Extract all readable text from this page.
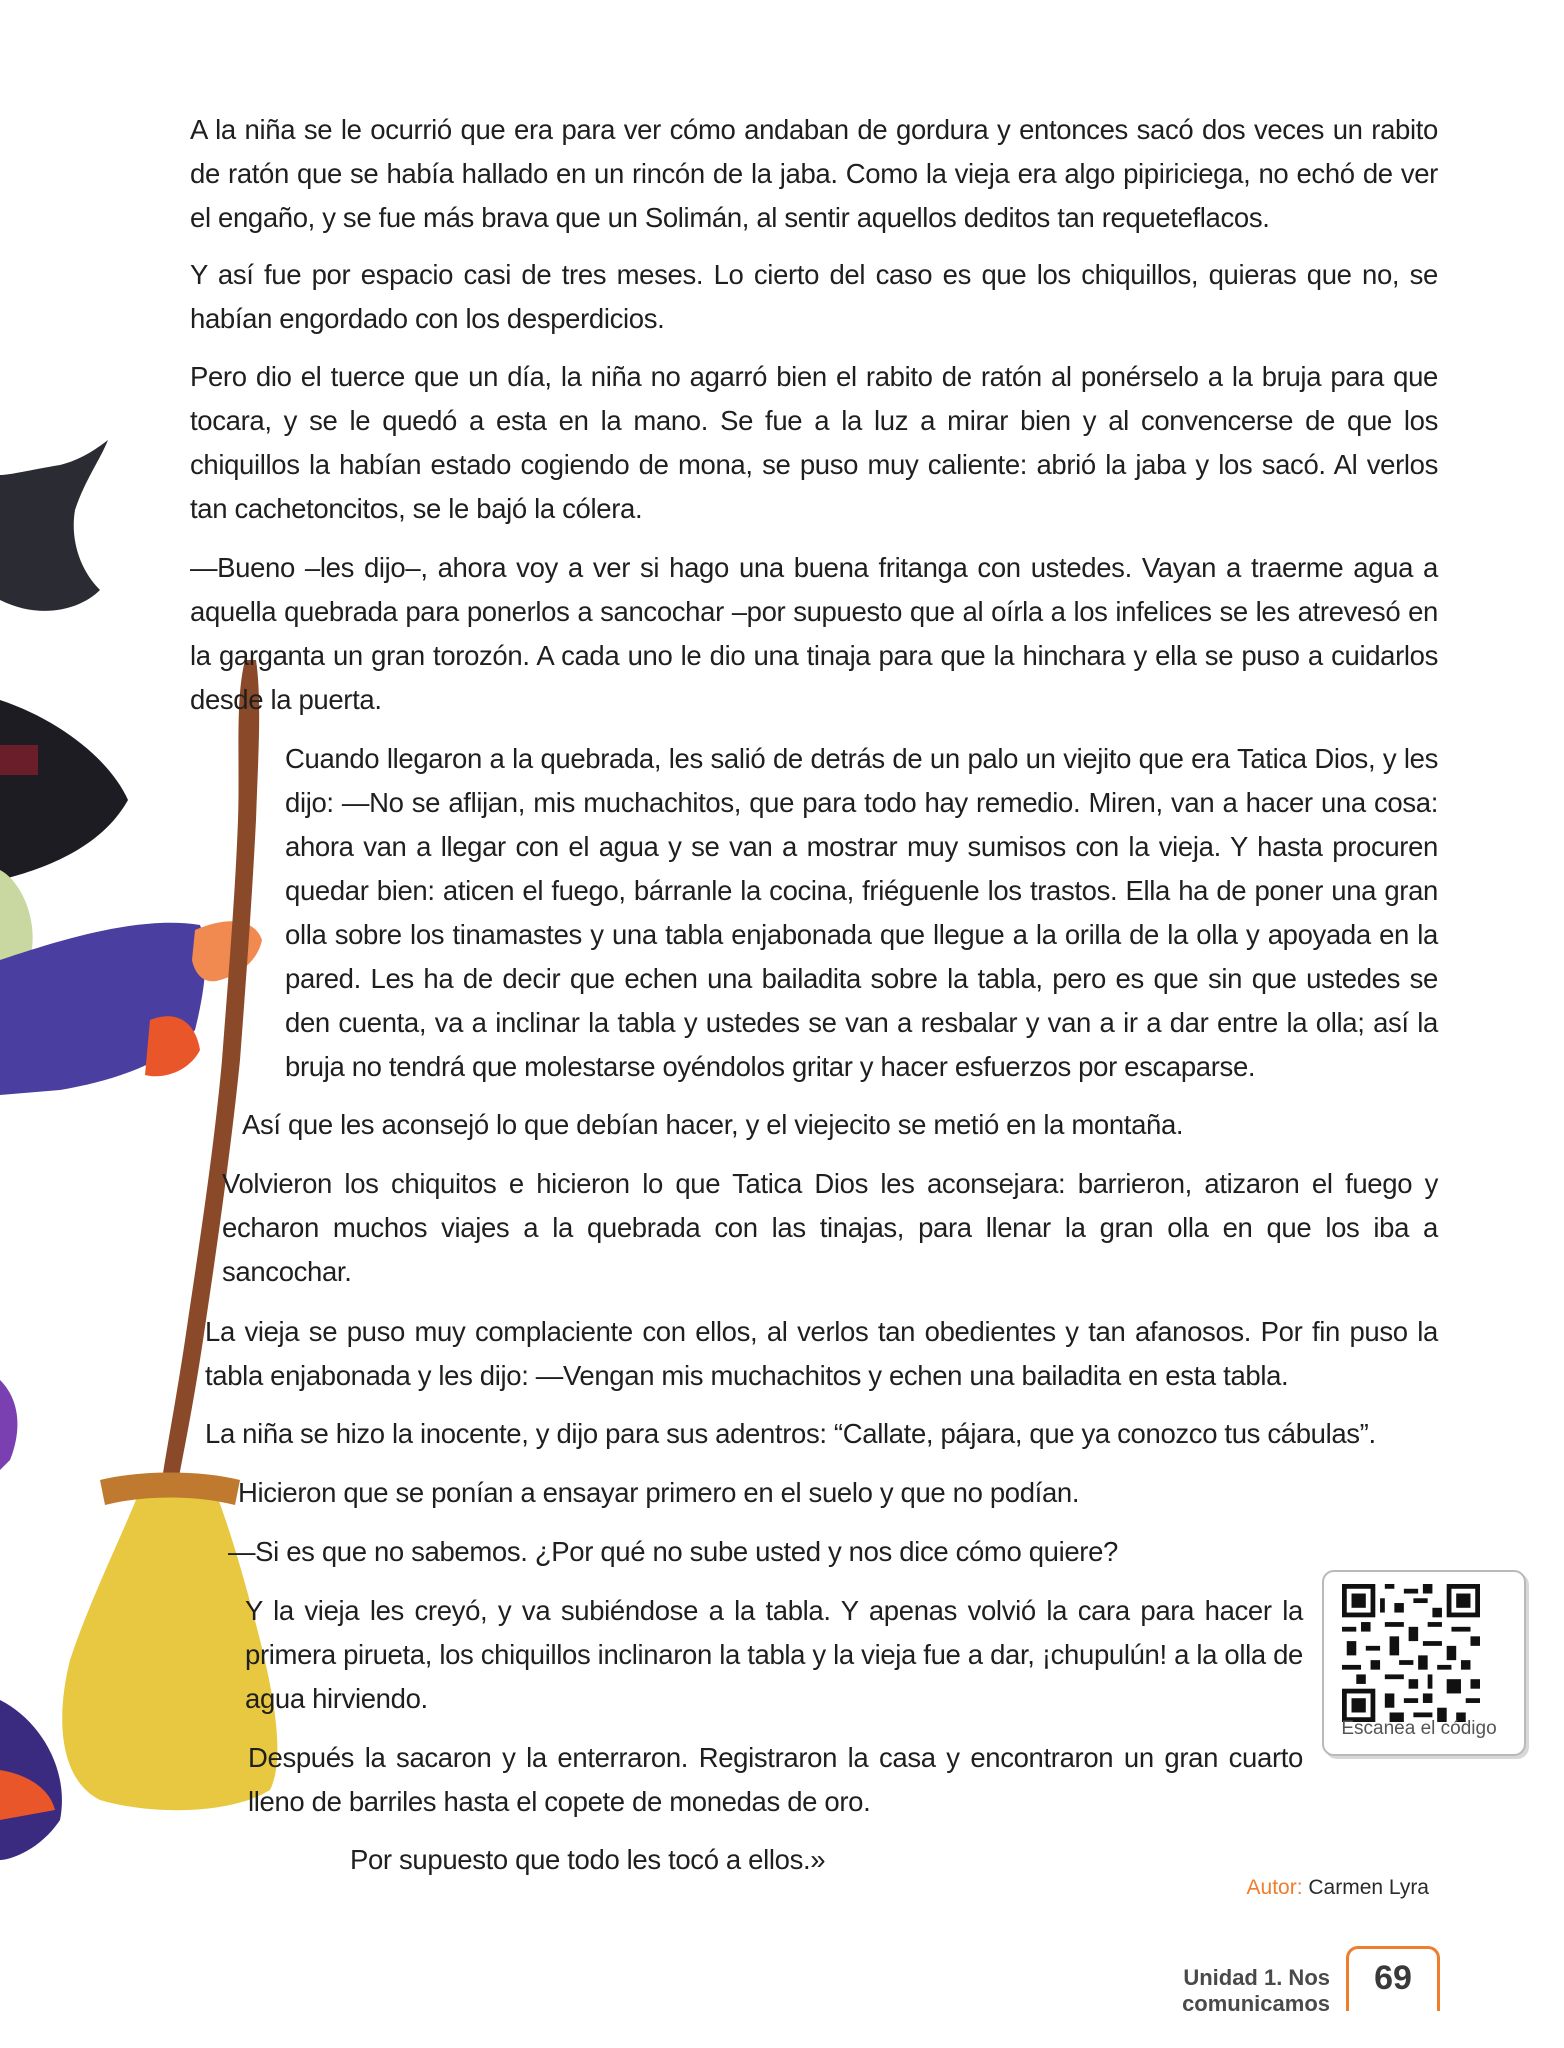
A la niña se le ocurrió que era para ver cómo andaban de gordura y entonces sacó dos veces un rabito de ratón que se había hallado en un rincón de la jaba. Como la vieja era algo pipiriciega, no echó de ver el engaño, y se fue más brava que un Solimán, al sentir aquellos deditos tan requeteflacos.

Y así fue por espacio casi de tres meses. Lo cierto del caso es que los chiquillos, quieras que no, se habían engordado con los desperdicios.

Pero dio el tuerce que un día, la niña no agarró bien el rabito de ratón al ponérselo a la bruja para que tocara, y se le quedó a esta en la mano. Se fue a la luz a mirar bien y al convencerse de que los chiquillos la habían estado cogiendo de mona, se puso muy caliente: abrió la jaba y los sacó. Al verlos tan cachetoncitos, se le bajó la cólera.

—Bueno –les dijo–, ahora voy a ver si hago una buena fritanga con ustedes. Vayan a traerme agua a aquella quebrada para ponerlos a sancochar –por supuesto que al oírla a los infelices se les atrevesó en la garganta un gran torozón. A cada uno le dio una tinaja para que la hinchara y ella se puso a cuidarlos desde la puerta.

Cuando llegaron a la quebrada, les salió de detrás de un palo un viejito que era Tatica Dios, y les dijo: —No se aflijan, mis muchachitos, que para todo hay remedio. Miren, van a hacer una cosa: ahora van a llegar con el agua y se van a mostrar muy sumisos con la vieja. Y hasta procuren quedar bien: aticen el fuego, bárranle la cocina, friéguenle los trastos. Ella ha de poner una gran olla sobre los tinamastes y una tabla enjabonada que llegue a la orilla de la olla y apoyada en la pared. Les ha de decir que echen una bailadita sobre la tabla, pero es que sin que ustedes se den cuenta, va a inclinar la tabla y ustedes se van a resbalar y van a ir a dar entre la olla; así la bruja no tendrá que molestarse oyéndolos gritar y hacer esfuerzos por escaparse.

Así que les aconsejó lo que debían hacer, y el viejecito se metió en la montaña.

Volvieron los chiquitos e hicieron lo que Tatica Dios les aconsejara: barrieron, atizaron el fuego y echaron muchos viajes a la quebrada con las tinajas, para llenar la gran olla en que los iba a sancochar.

La vieja se puso muy complaciente con ellos, al verlos tan obedientes y tan afanosos. Por fin puso la tabla enjabonada y les dijo: —Vengan mis muchachitos y echen una bailadita en esta tabla.

La niña se hizo la inocente, y dijo para sus adentros: “Callate, pájara, que ya conozco tus cábulas”.

Hicieron que se ponían a ensayar primero en el suelo y que no podían.

—Si es que no sabemos. ¿Por qué no sube usted y nos dice cómo quiere?

Y la vieja les creyó, y va subiéndose a la tabla. Y apenas volvió la cara para hacer la primera pirueta, los chiquillos inclinaron la tabla y la vieja fue a dar, ¡chupulún! a la olla de agua hirviendo.

Después la sacaron y la enterraron. Registraron la casa y encontraron un gran cuarto lleno de barriles hasta el copete de monedas de oro.

Por supuesto que todo les tocó a ellos.»

Autor: Carmen Lyra
Escanea el código
Unidad 1. Nos comunicamos
69
